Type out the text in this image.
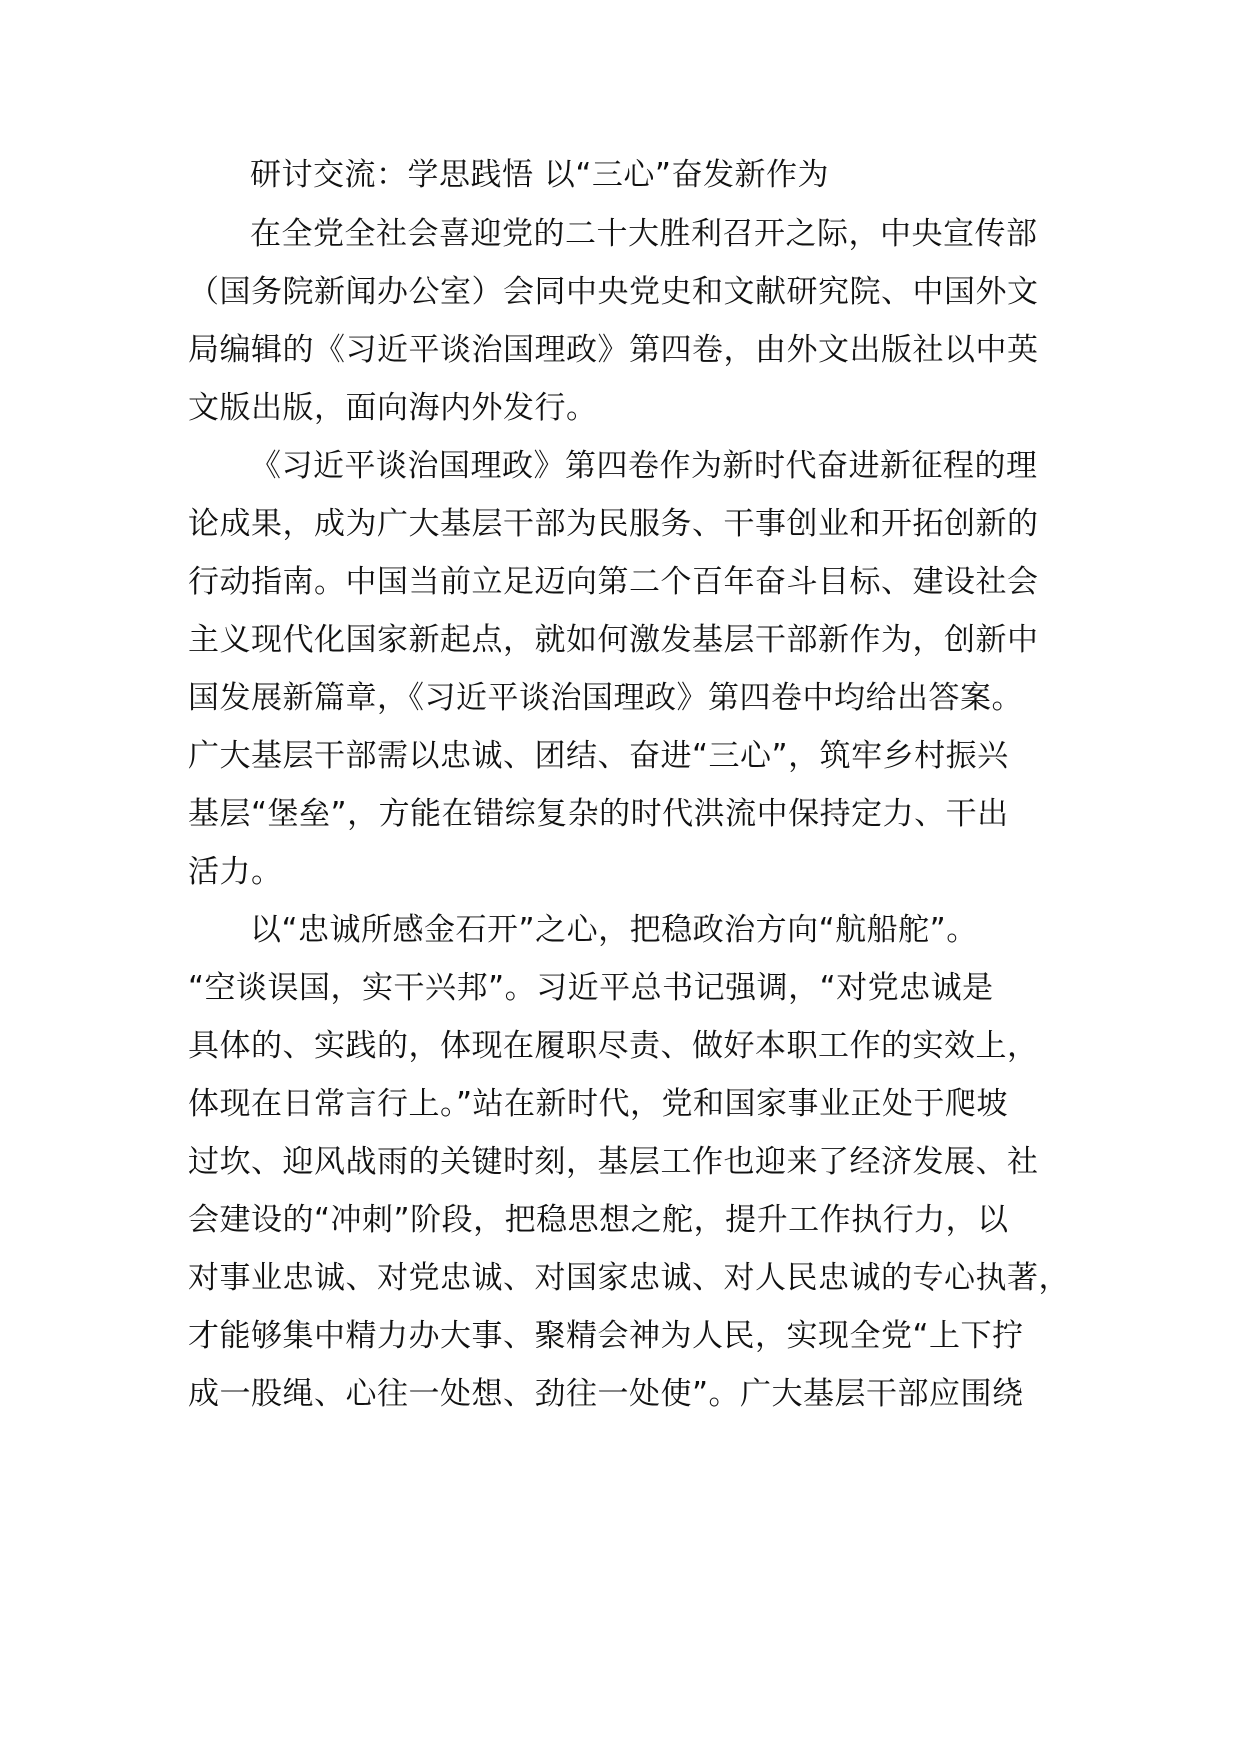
研讨交流：学思践悟 以“三心”奋发新作为
在全党全社会喜迎党的二十大胜利召开之际，中央宣传部
（国务院新闻办公室）会同中央党史和文献研究院、中国外文
局编辑的《习近平谈治国理政》第四卷，由外文出版社以中英
文版出版，面向海内外发行。
《习近平谈治国理政》第四卷作为新时代奋进新征程的理
论成果，成为广大基层干部为民服务、干事创业和开拓创新的
行动指南。中国当前立足迈向第二个百年奋斗目标、建设社会
主义现代化国家新起点，就如何激发基层干部新作为，创新中
国发展新篇章，《习近平谈治国理政》第四卷中均给出答案。
广大基层干部需以忠诚、团结、奋进“三心”，筑牢乡村振兴
基层“堡垒”，方能在错综复杂的时代洪流中保持定力、干出
活力。
以“忠诚所感金石开”之心，把稳政治方向“航船舵”。
“空谈误国，实干兴邦”。习近平总书记强调，“对党忠诚是
具体的、实践的，体现在履职尽责、做好本职工作的实效上，
体现在日常言行上。”站在新时代，党和国家事业正处于爬坡
过坎、迎风战雨的关键时刻，基层工作也迎来了经济发展、社
会建设的“冲刺”阶段，把稳思想之舵，提升工作执行力，以
对事业忠诚、对党忠诚、对国家忠诚、对人民忠诚的专心执著，
才能够集中精力办大事、聚精会神为人民，实现全党“上下拧
成一股绳、心往一处想、劲往一处使”。广大基层干部应围绕
